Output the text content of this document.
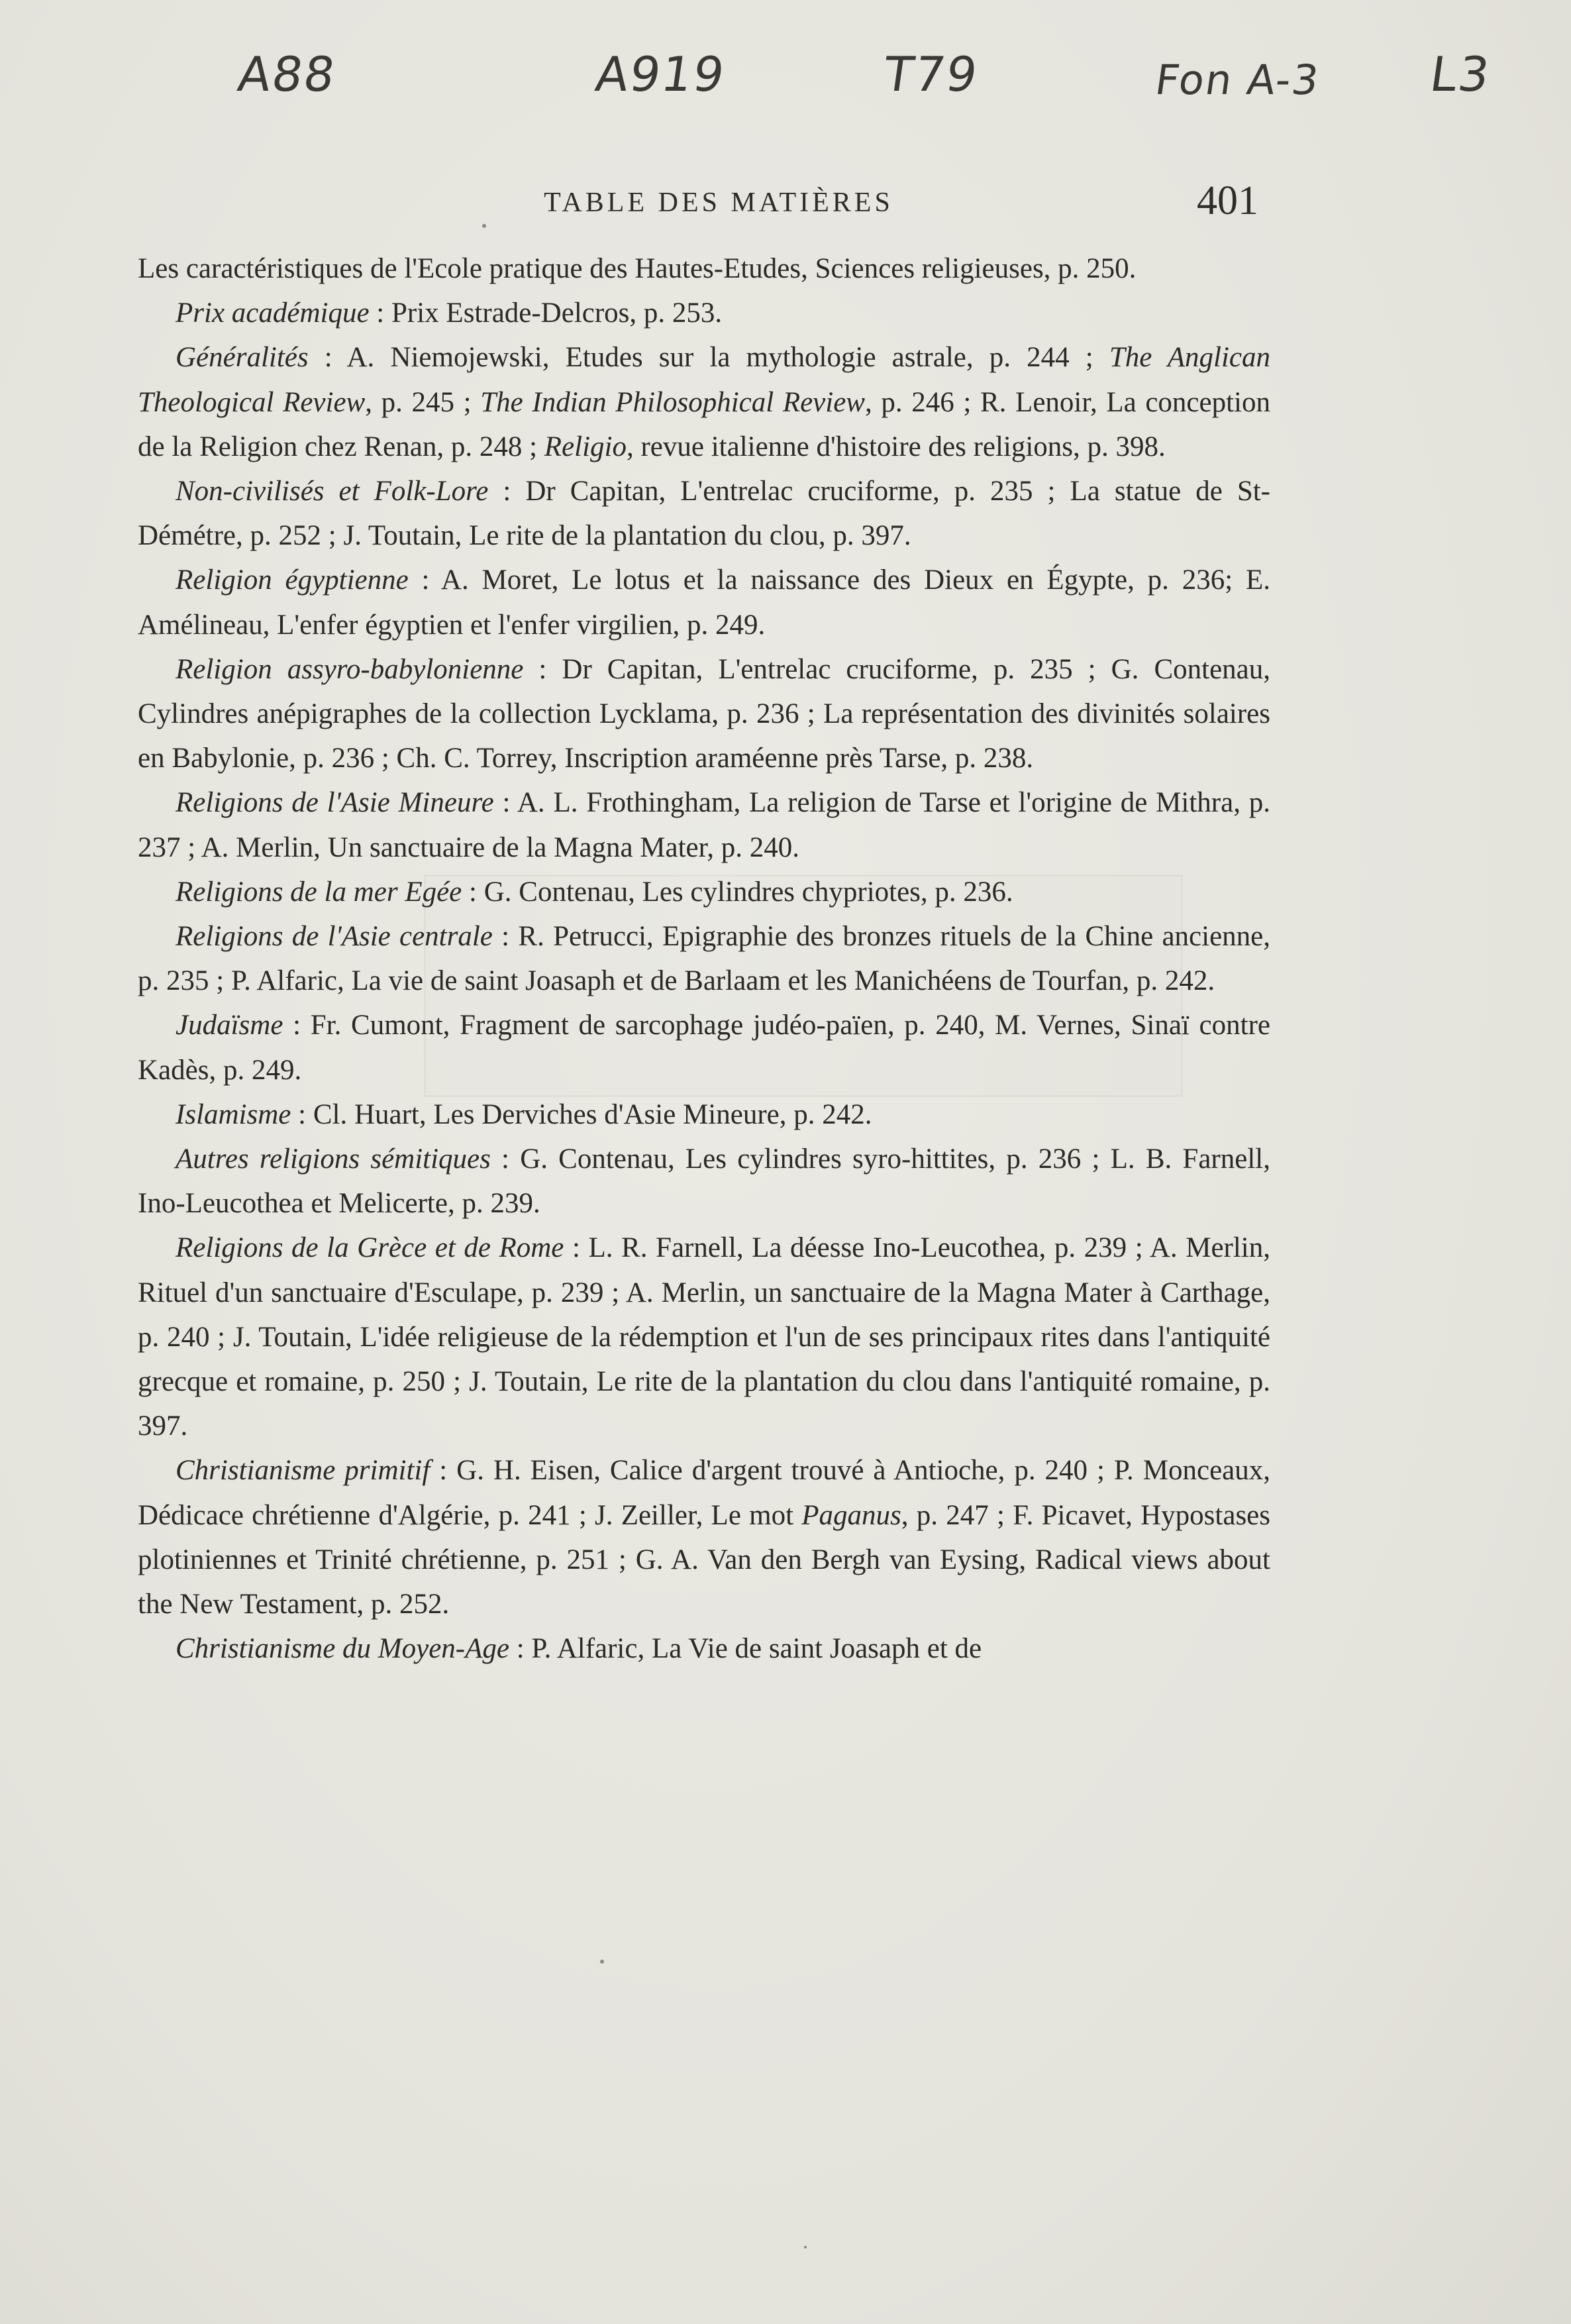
A88	A919	T79	Fon A-3 L3
TABLE DES MATIÈRES	401

Les caractéristiques de l'Ecole pratique des Hautes-Etudes, Sciences religieuses, p. 250.

Prix académique : Prix Estrade-Delcros, p. 253.

Généralités : A. Niemojewski, Etudes sur la mythologie astrale, p. 244 ; The Anglican Theological Review, p. 245 ; The Indian Philosophical Review, p. 246 ; R. Lenoir, La conception de la Religion chez Renan, p. 248 ; Religio, revue italienne d'histoire des religions, p. 398.

Non-civilisés et Folk-Lore : Dr Capitan, L'entrelac cruciforme, p. 235 ; La statue de St-Démétre, p. 252 ; J. Toutain, Le rite de la plantation du clou, p. 397.

Religion égyptienne : A. Moret, Le lotus et la naissance des Dieux en Égypte, p. 236; E. Amélineau, L'enfer égyptien et l'enfer virgilien, p. 249.

Religion assyro-babylonienne : Dr Capitan, L'entrelac cruciforme, p. 235 ; G. Contenau, Cylindres anépigraphes de la collection Lycklama, p. 236 ; La représentation des divinités solaires en Babylonie, p. 236 ; Ch. C. Torrey, Inscription araméenne près Tarse, p. 238.

Religions de l'Asie Mineure : A. L. Frothingham, La religion de Tarse et l'origine de Mithra, p. 237 ; A. Merlin, Un sanctuaire de la Magna Mater, p. 240.

Religions de la mer Egée : G. Contenau, Les cylindres chypriotes, p. 236.

Religions de l'Asie centrale : R. Petrucci, Epigraphie des bronzes rituels de la Chine ancienne, p. 235 ; P. Alfaric, La vie de saint Joasaph et de Barlaam et les Manichéens de Tourfan, p. 242.

Judaïsme : Fr. Cumont, Fragment de sarcophage judéo-païen, p. 240, M. Vernes, Sinaï contre Kadès, p. 249.

Islamisme : Cl. Huart, Les Derviches d'Asie Mineure, p. 242.

Autres religions sémitiques : G. Contenau, Les cylindres syro-hittites, p. 236 ; L. B. Farnell, Ino-Leucothea et Melicerte, p. 239.

Religions de la Grèce et de Rome : L. R. Farnell, La déesse Ino-Leucothea, p. 239 ; A. Merlin, Rituel d'un sanctuaire d'Esculape, p. 239 ; A. Merlin, un sanctuaire de la Magna Mater à Carthage, p. 240 ; J. Toutain, L'idée religieuse de la rédemption et l'un de ses principaux rites dans l'antiquité grecque et romaine, p. 250 ; J. Toutain, Le rite de la plantation du clou dans l'antiquité romaine, p. 397.

Christianisme primitif : G. H. Eisen, Calice d'argent trouvé à Antioche, p. 240 ; P. Monceaux, Dédicace chrétienne d'Algérie, p. 241 ; J. Zeiller, Le mot Paganus, p. 247 ; F. Picavet, Hypostases plotiniennes et Trinité chrétienne, p. 251 ; G. A. Van den Bergh van Eysing, Radical views about the New Testament, p. 252.

Christianisme du Moyen-Age : P. Alfaric, La Vie de saint Joasaph et de
